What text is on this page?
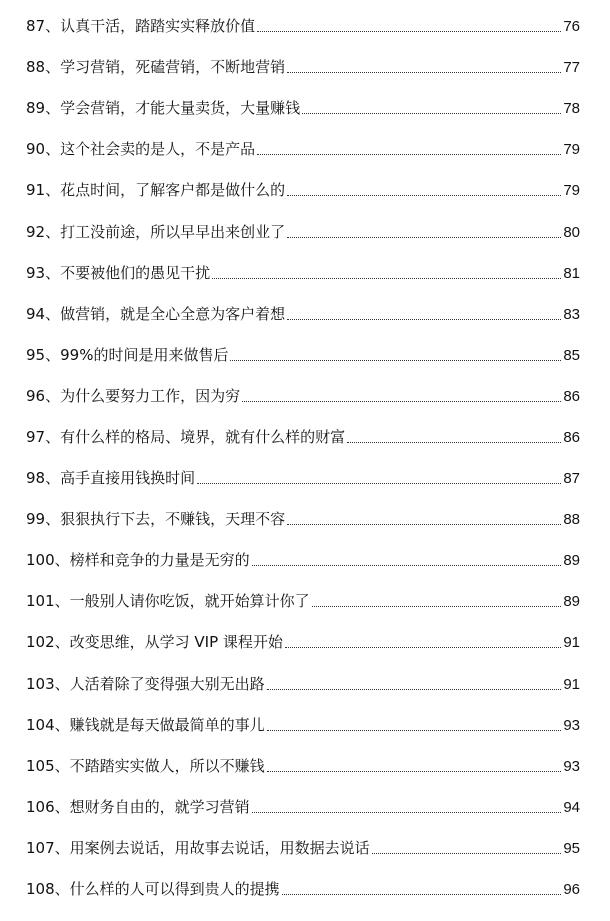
87 、 认真干活，踏踏实实释放价值	76
88 、 学习营销，死磕营销，不断地营销	77
89 、 学会营销，才能大量卖货，大量赚钱	78
90 、 这个社会卖的是人，不是产品	79
91 、 花点时间，了解客户都是做什么的	79
92 、 打工没前途，所以早早出来创业了	80
93 、 不要被他们的愚见干扰	81
94 、 做营销，就是全心全意为客户着想	83
95 、 99%的时间是用来做售后	85
96 、 为什么要努力工作，因为穷	86
97 、 有什么样的格局、境界，就有什么样的财富	86
98 、 高手直接用钱换时间	87
99 、 狠狠执行下去，不赚钱，天理不容	88
100 、 榜样和竞争的力量是无穷的	89
101 、 一般别人请你吃饭，就开始算计你了	89
102 、 改变思维，从学习 VIP 课程开始	91
103 、 人活着除了变得强大别无出路	91
104 、 赚钱就是每天做最简单的事儿	93
105 、 不踏踏实实做人，所以不赚钱	93
106 、 想财务自由的，就学习营销	94
107 、 用案例去说话，用故事去说话，用数据去说话	95
108 、 什么样的人可以得到贵人的提携	96
